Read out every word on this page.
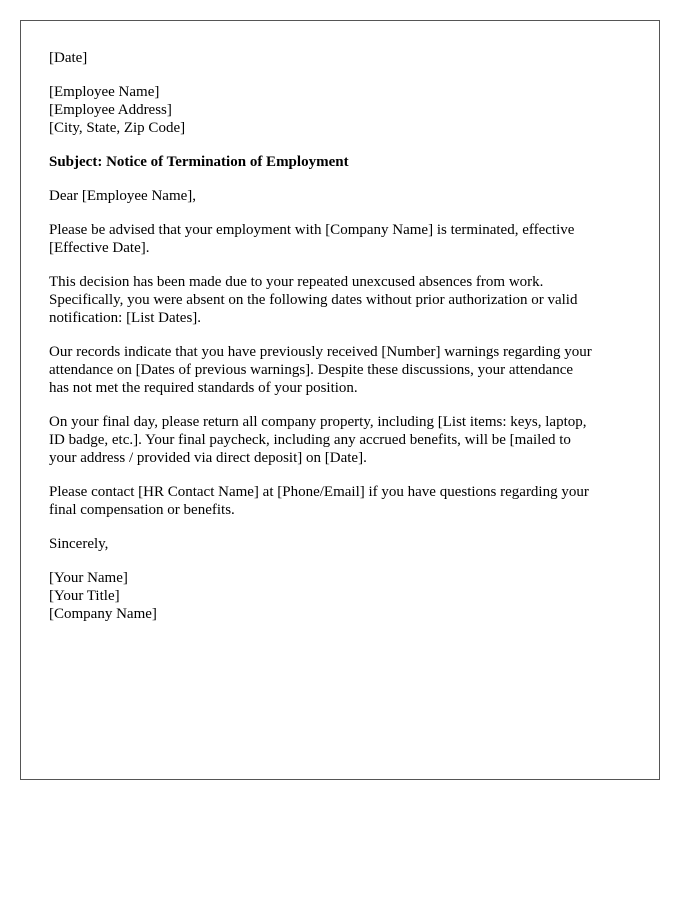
[Date]
[Employee Name]
[Employee Address]
[City, State, Zip Code]
Subject: Notice of Termination of Employment
Dear [Employee Name],
Please be advised that your employment with [Company Name] is terminated, effective
[Effective Date].
This decision has been made due to your repeated unexcused absences from work.
Specifically, you were absent on the following dates without prior authorization or valid
notification: [List Dates].
Our records indicate that you have previously received [Number] warnings regarding your
attendance on [Dates of previous warnings]. Despite these discussions, your attendance
has not met the required standards of your position.
On your final day, please return all company property, including [List items: keys, laptop,
ID badge, etc.]. Your final paycheck, including any accrued benefits, will be [mailed to
your address / provided via direct deposit] on [Date].
Please contact [HR Contact Name] at [Phone/Email] if you have questions regarding your
final compensation or benefits.
Sincerely,
[Your Name]
[Your Title]
[Company Name]
